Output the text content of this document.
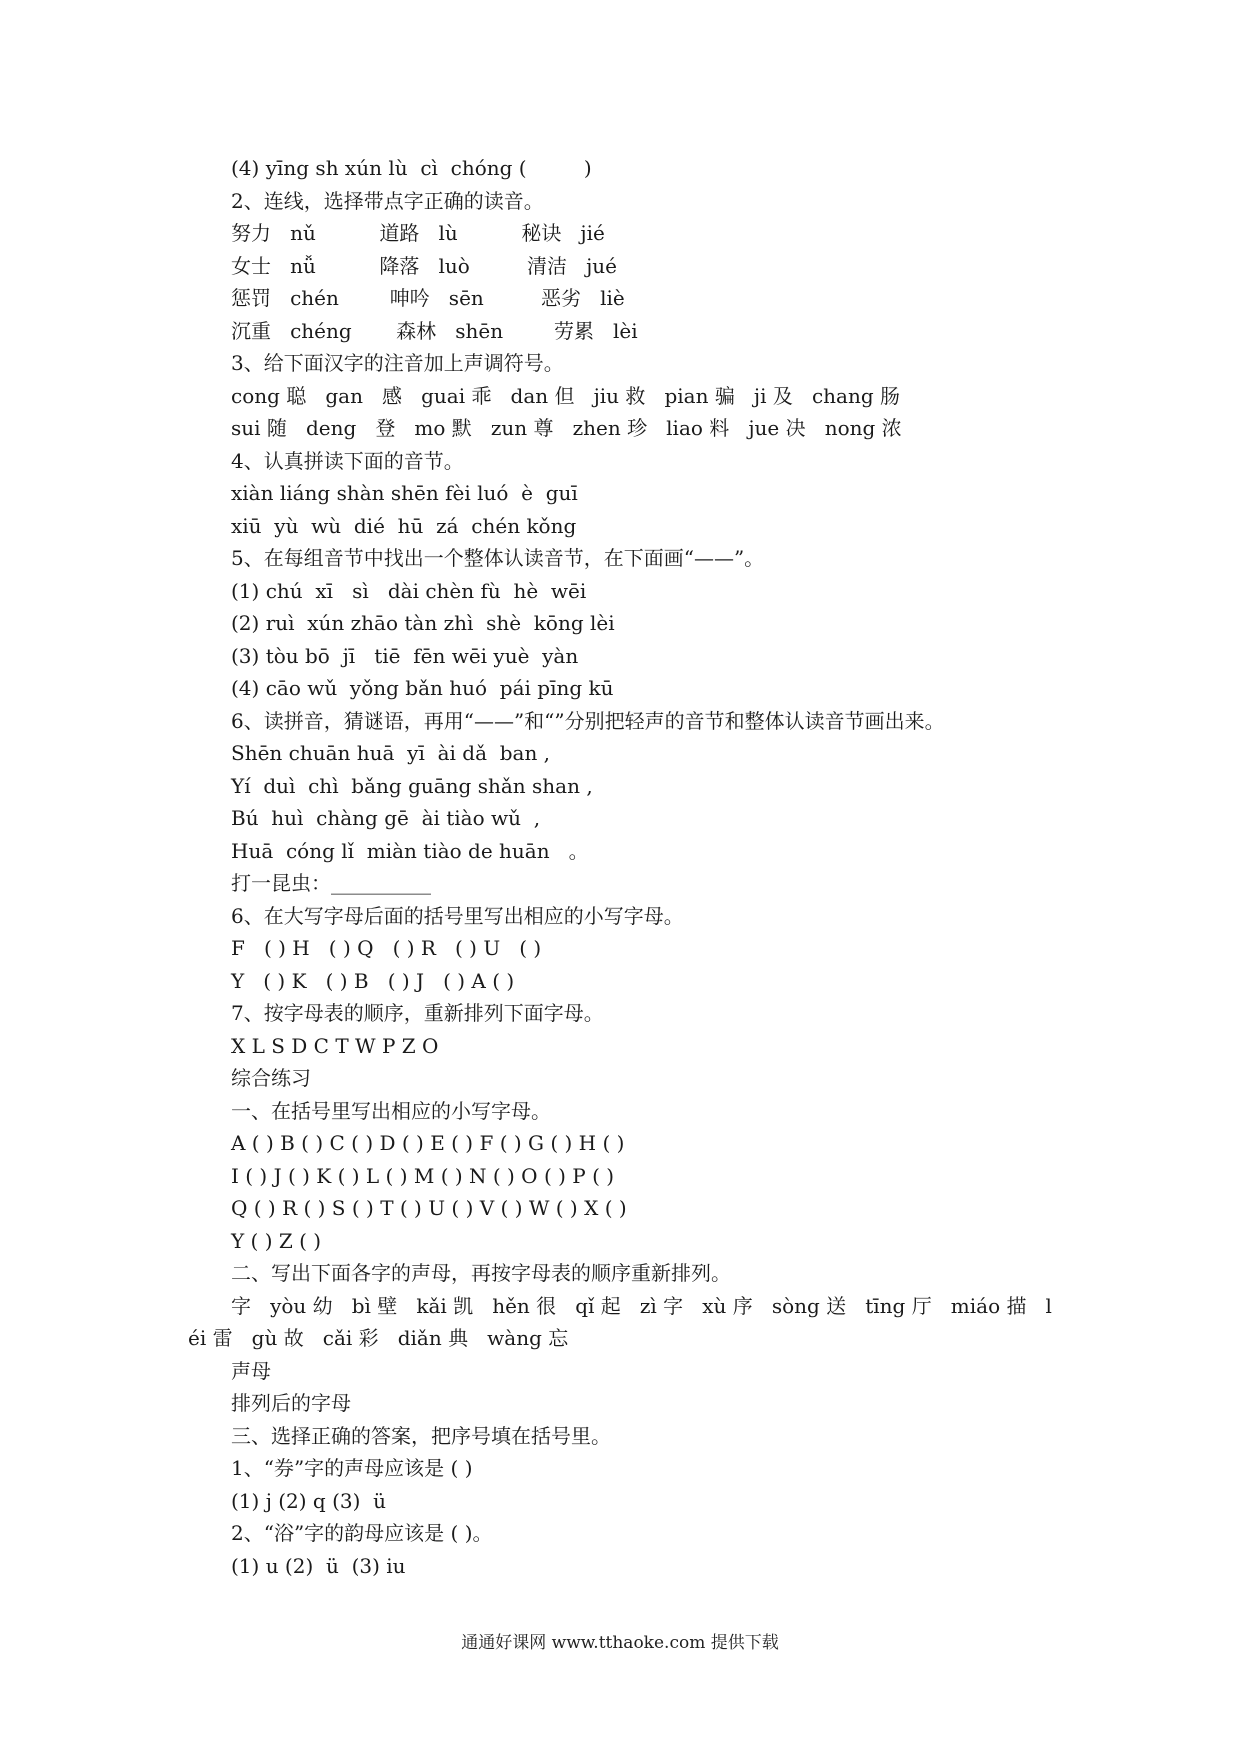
(4) yīng sh xún lù  cì  chóng (         )
2、连线，选择带点字正确的读音。
努力   nǔ          道路   lù          秘诀   jié
女士   nǚ          降落   luò         清洁   jué
惩罚   chén        呻吟   sēn         恶劣   liè
沉重   chéng       森林   shēn        劳累   lèi
3、给下面汉字的注音加上声调符号。
cong 聪   gan   感   guai 乖   dan 但   jiu 救   pian 骗   ji 及   chang 肠
sui 随   deng   登   mo 默   zun 尊   zhen 珍   liao 料   jue 决   nong 浓
4、认真拼读下面的音节。
xiàn liáng shàn shēn fèi luó  è  guī
xiū  yù  wù  dié  hū  zá  chén kǒng
5、在每组音节中找出一个整体认读音节，在下面画“——”。
(1) chú  xī   sì   dài chèn fù  hè  wēi
(2) ruì  xún zhāo tàn zhì  shè  kōng lèi
(3) tòu bō  jī   tiē  fēn wēi yuè  yàn
(4) cāo wǔ  yǒng bǎn huó  pái pīng kū
6、读拼音，猜谜语，再用“——”和“”分别把轻声的音节和整体认读音节画出来。
Shēn chuān huā  yī  ài dǎ  ban ,
Yí  duì  chì  bǎng guāng shǎn shan ,
Bú  huì  chàng gē  ài tiào wǔ  ,
Huā  cóng lǐ  miàn tiào de huān   。
打一昆虫：__________
6、在大写字母后面的括号里写出相应的小写字母。
F   ( ) H   ( ) Q   ( ) R   ( ) U   ( )
Y   ( ) K   ( ) B   ( ) J   ( ) A ( )
7、按字母表的顺序，重新排列下面字母。
X L S D C T W P Z O
综合练习
一、在括号里写出相应的小写字母。
A ( ) B ( ) C ( ) D ( ) E ( ) F ( ) G ( ) H ( )
I ( ) J ( ) K ( ) L ( ) M ( ) N ( ) O ( ) P ( )
Q ( ) R ( ) S ( ) T ( ) U ( ) V ( ) W ( ) X ( )
Y ( ) Z ( )
二、写出下面各字的声母，再按字母表的顺序重新排列。
字   yòu 幼   bì 壁   kǎi 凯   hěn 很   qǐ 起   zì 字   xù 序   sòng 送   tīng 厅   miáo 描   l
éi 雷   gù 故   cǎi 彩   diǎn 典   wàng 忘
声母
排列后的字母
三、选择正确的答案，把序号填在括号里。
1、“券”字的声母应该是 ( )
(1) j (2) q (3)  ü
2、“浴”字的韵母应该是 ( )。
(1) u (2)  ü  (3) iu
通通好课网 www.tthaoke.com 提供下载
